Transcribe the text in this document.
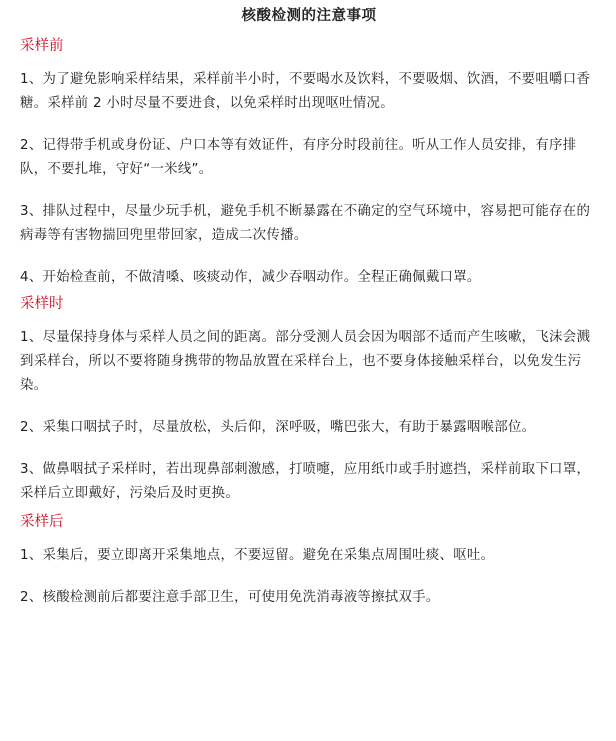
核酸检测的注意事项
采样前

1、为了避免影响采样结果，采样前半小时，不要喝水及饮料，不要吸烟、饮酒，不要咀嚼口香糖。采样前 2 小时尽量不要进食，以免采样时出现呕吐情况。

2、记得带手机或身份证、户口本等有效证件，有序分时段前往。听从工作人员安排，有序排队，不要扎堆，守好“一米线”。

3、排队过程中，尽量少玩手机，避免手机不断暴露在不确定的空气环境中，容易把可能存在的病毒等有害物揣回兜里带回家，造成二次传播。

4、开始检查前，不做清嗓、咳痰动作，减少吞咽动作。全程正确佩戴口罩。

采样时

1、尽量保持身体与采样人员之间的距离。部分受测人员会因为咽部不适而产生咳嗽，飞沫会溅到采样台，所以不要将随身携带的物品放置在采样台上，也不要身体接触采样台，以免发生污染。

2、采集口咽拭子时，尽量放松，头后仰，深呼吸，嘴巴张大，有助于暴露咽喉部位。

3、做鼻咽拭子采样时，若出现鼻部刺激感，打喷嚏，应用纸巾或手肘遮挡，采样前取下口罩，采样后立即戴好，污染后及时更换。

采样后

1、采集后，要立即离开采集地点，不要逗留。避免在采集点周围吐痰、呕吐。

2、核酸检测前后都要注意手部卫生，可使用免洗消毒液等擦拭双手。
